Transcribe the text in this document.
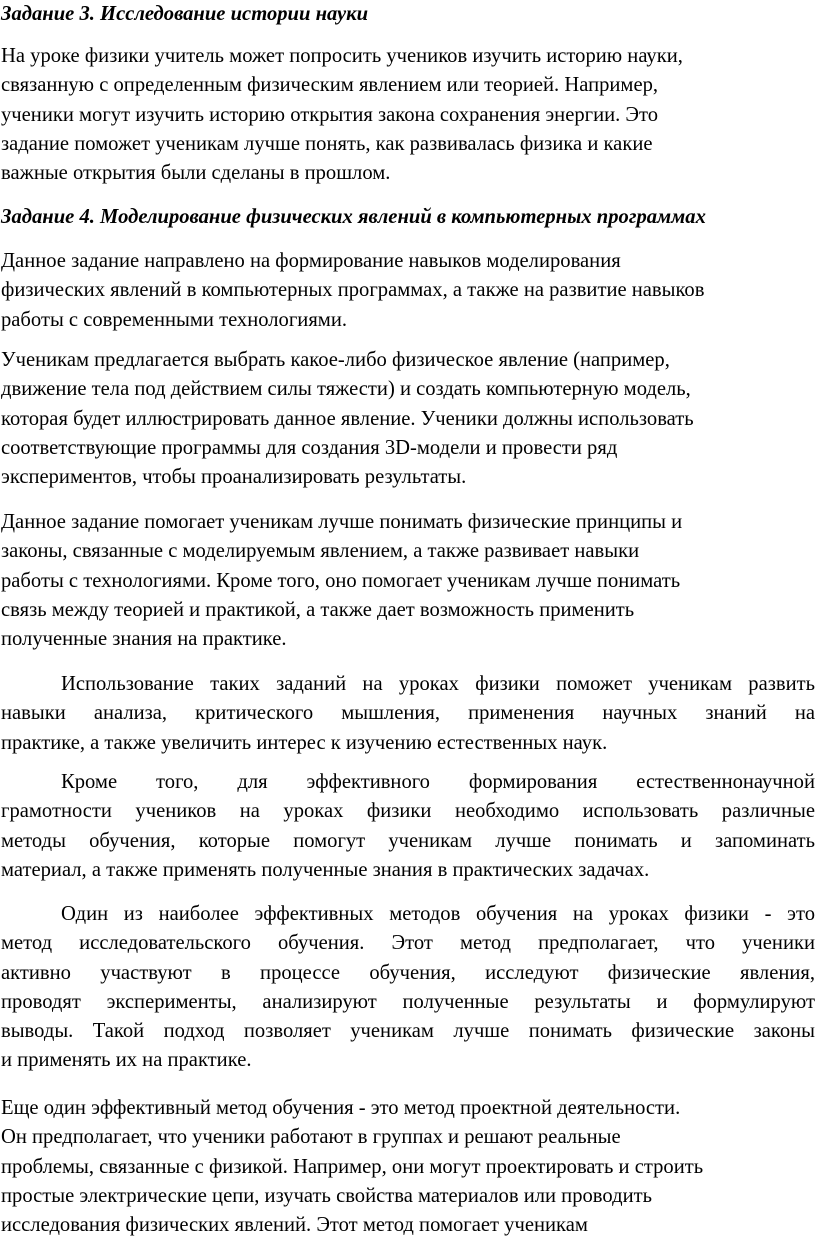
Задание 3. Исследование истории науки
На уроке физики учитель может попросить учеников изучить историю науки,
связанную с определенным физическим явлением или теорией. Например,
ученики могут изучить историю открытия закона сохранения энергии. Это
задание поможет ученикам лучше понять, как развивалась физика и какие
важные открытия были сделаны в прошлом.
Задание 4. Моделирование физических явлений в компьютерных программах
Данное задание направлено на формирование навыков моделирования
физических явлений в компьютерных программах, а также на развитие навыков
работы с современными технологиями.
Ученикам предлагается выбрать какое-либо физическое явление (например,
движение тела под действием силы тяжести) и создать компьютерную модель,
которая будет иллюстрировать данное явление. Ученики должны использовать
соответствующие программы для создания 3D-модели и провести ряд
экспериментов, чтобы проанализировать результаты.
Данное задание помогает ученикам лучше понимать физические принципы и
законы, связанные с моделируемым явлением, а также развивает навыки
работы с технологиями. Кроме того, оно помогает ученикам лучше понимать
связь между теорией и практикой, а также дает возможность применить
полученные знания на практике.
Использование таких заданий на уроках физики поможет ученикам развить
навыки анализа, критического мышления, применения научных знаний на
практике, а также увеличить интерес к изучению естественных наук.
Кроме того, для эффективного формирования естественнонаучной
грамотности учеников на уроках физики необходимо использовать различные
методы обучения, которые помогут ученикам лучше понимать и запоминать
материал, а также применять полученные знания в практических задачах.
Один из наиболее эффективных методов обучения на уроках физики - это
метод исследовательского обучения. Этот метод предполагает, что ученики
активно участвуют в процессе обучения, исследуют физические явления,
проводят эксперименты, анализируют полученные результаты и формулируют
выводы. Такой подход позволяет ученикам лучше понимать физические законы
и применять их на практике.
Еще один эффективный метод обучения - это метод проектной деятельности.
Он предполагает, что ученики работают в группах и решают реальные
проблемы, связанные с физикой. Например, они могут проектировать и строить
простые электрические цепи, изучать свойства материалов или проводить
исследования физических явлений. Этот метод помогает ученикам
